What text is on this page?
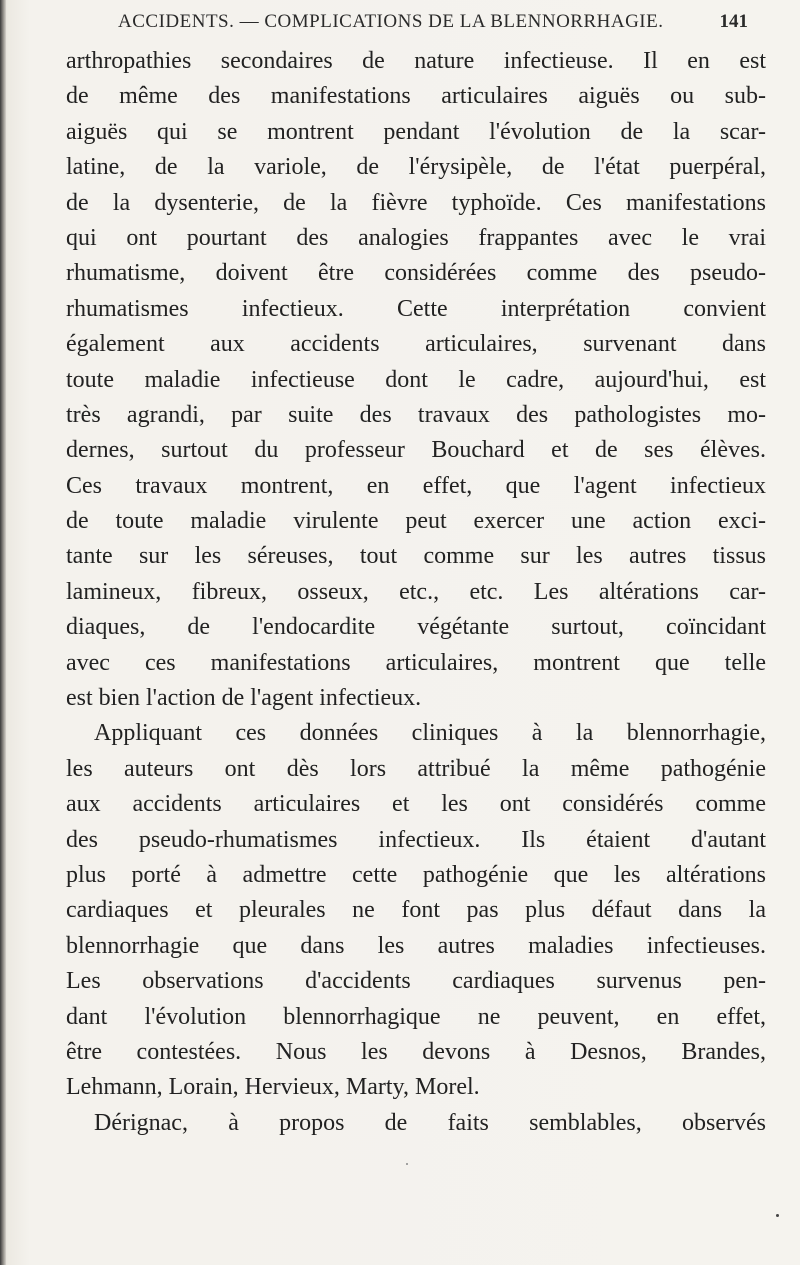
ACCIDENTS. — COMPLICATIONS DE LA BLENNORRHAGIE.	141
arthropathies secondaires de nature infectieuse. Il en est
de même des manifestations articulaires aiguës ou sub-
aiguës qui se montrent pendant l'évolution de la scar-
latine, de la variole, de l'érysipèle, de l'état puerpéral,
de la dysenterie, de la fièvre typhoïde. Ces manifestations
qui ont pourtant des analogies frappantes avec le vrai
rhumatisme, doivent être considérées comme des pseudo-
rhumatismes infectieux. Cette interprétation convient
également aux accidents articulaires, survenant dans
toute maladie infectieuse dont le cadre, aujourd'hui, est
très agrandi, par suite des travaux des pathologistes mo-
dernes, surtout du professeur Bouchard et de ses élèves.
Ces travaux montrent, en effet, que l'agent infectieux
de toute maladie virulente peut exercer une action exci-
tante sur les séreuses, tout comme sur les autres tissus
lamineux, fibreux, osseux, etc., etc. Les altérations car-
diaques, de l'endocardite végétante surtout, coïncidant
avec ces manifestations articulaires, montrent que telle
est bien l'action de l'agent infectieux.
Appliquant ces données cliniques à la blennorrhagie,
les auteurs ont dès lors attribué la même pathogénie
aux accidents articulaires et les ont considérés comme
des pseudo-rhumatismes infectieux. Ils étaient d'autant
plus porté à admettre cette pathogénie que les altérations
cardiaques et pleurales ne font pas plus défaut dans la
blennorrhagie que dans les autres maladies infectieuses.
Les observations d'accidents cardiaques survenus pen-
dant l'évolution blennorrhagique ne peuvent, en effet,
être contestées. Nous les devons à Desnos, Brandes,
Lehmann, Lorain, Hervieux, Marty, Morel.
Dérignac, à propos de faits semblables, observés
